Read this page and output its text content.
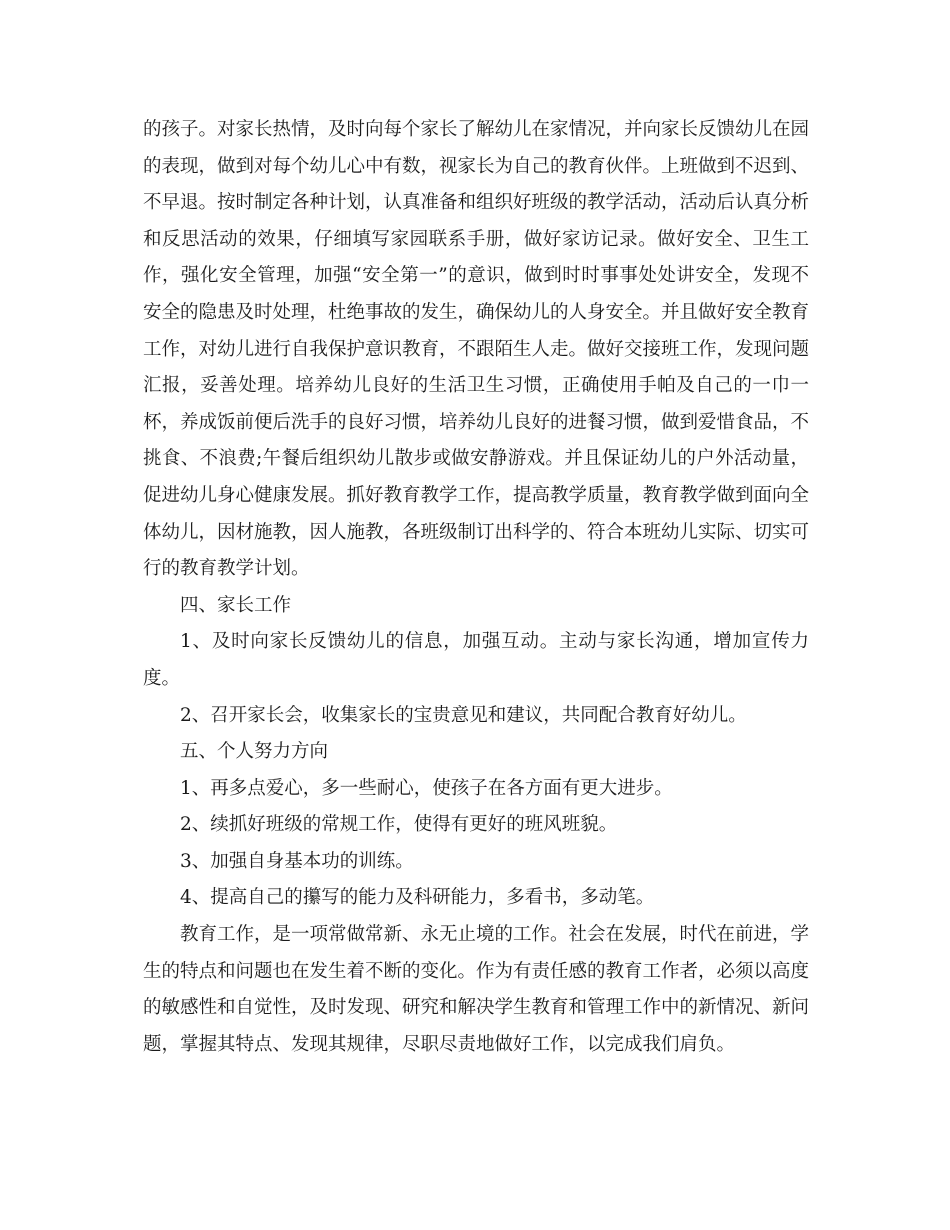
的孩子。对家长热情，及时向每个家长了解幼儿在家情况，并向家长反馈幼儿在园的表现，做到对每个幼儿心中有数，视家长为自己的教育伙伴。上班做到不迟到、不早退。按时制定各种计划，认真准备和组织好班级的教学活动，活动后认真分析和反思活动的效果，仔细填写家园联系手册，做好家访记录。做好安全、卫生工作，强化安全管理，加强“安全第一”的意识，做到时时事事处处讲安全，发现不安全的隐患及时处理，杜绝事故的发生，确保幼儿的人身安全。并且做好安全教育工作，对幼儿进行自我保护意识教育，不跟陌生人走。做好交接班工作，发现问题汇报，妥善处理。培养幼儿良好的生活卫生习惯，正确使用手帕及自己的一巾一杯，养成饭前便后洗手的良好习惯，培养幼儿良好的进餐习惯，做到爱惜食品，不挑食、不浪费;午餐后组织幼儿散步或做安静游戏。并且保证幼儿的户外活动量，促进幼儿身心健康发展。抓好教育教学工作，提高教学质量，教育教学做到面向全体幼儿，因材施教，因人施教，各班级制订出科学的、符合本班幼儿实际、切实可行的教育教学计划。

四、家长工作

1、及时向家长反馈幼儿的信息，加强互动。主动与家长沟通，增加宣传力度。

2、召开家长会，收集家长的宝贵意见和建议，共同配合教育好幼儿。

五、个人努力方向

1、再多点爱心，多一些耐心，使孩子在各方面有更大进步。

2、续抓好班级的常规工作，使得有更好的班风班貌。

3、加强自身基本功的训练。

4、提高自己的攥写的能力及科研能力，多看书，多动笔。

教育工作，是一项常做常新、永无止境的工作。社会在发展，时代在前进，学生的特点和问题也在发生着不断的变化。作为有责任感的教育工作者，必须以高度的敏感性和自觉性，及时发现、研究和解决学生教育和管理工作中的新情况、新问题，掌握其特点、发现其规律，尽职尽责地做好工作，以完成我们肩负。
